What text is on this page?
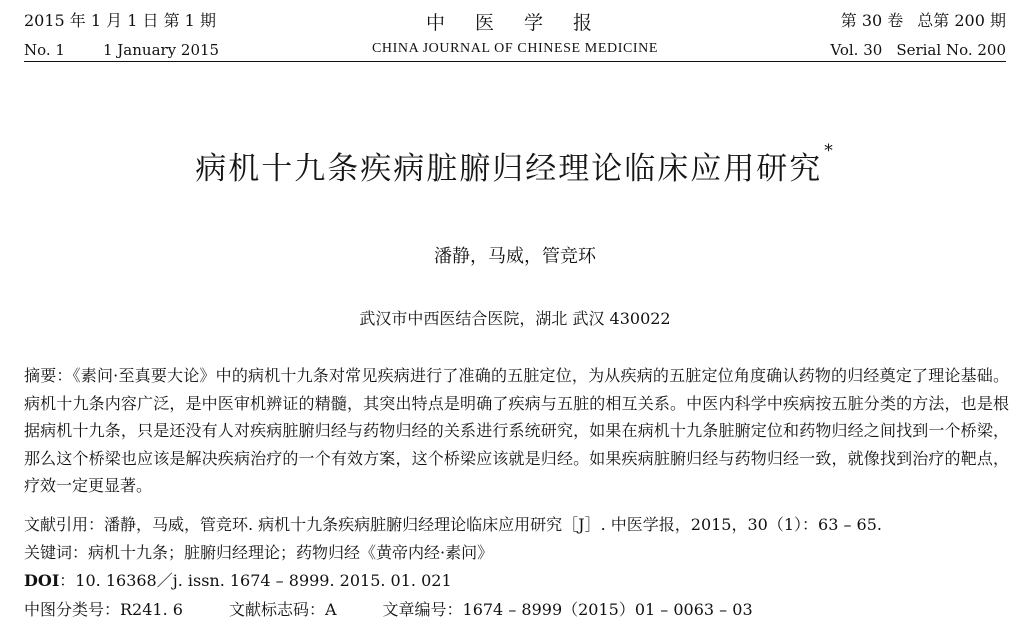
2015 年 1 月 1 日 第 1 期	中 医 学 报	第 30 卷 总第 200 期
No. 1	1 January 2015	CHINA JOURNAL OF CHINESE MEDICINE	Vol. 30 Serial No. 200
病机十九条疾病脏腑归经理论临床应用研究 *
潘静，马威，管竞环
武汉市中西医结合医院，湖北 武汉 430022
摘要：《素问·至真要大论》中的病机十九条对常见疾病进行了准确的五脏定位，为从疾病的五脏定位角度确认药物的归经奠定了理论基础。病机十九条内容广泛，是中医审机辨证的精髓，其突出特点是明确了疾病与五脏的相互关系。中医内科学中疾病按五脏分类的方法，也是根据病机十九条，只是还没有人对疾病脏腑归经与药物归经的关系进行系统研究，如果在病机十九条脏腑定位和药物归经之间找到一个桥梁，那么这个桥梁也应该是解决疾病治疗的一个有效方案，这个桥梁应该就是归经。如果疾病脏腑归经与药物归经一致，就像找到治疗的靶点，疗效一定更显著。
文献引用：潘静，马威，管竞环. 病机十九条疾病脏腑归经理论临床应用研究［J］. 中医学报，2015，30（1）：63 – 65.
关键词：病机十九条；脏腑归经理论；药物归经《黄帝内经·素问》
DOI：10. 16368／j. issn. 1674 – 8999. 2015. 01. 021
中图分类号：R241. 6	文献标志码：A	文章编号：1674 – 8999（2015）01 – 0063 – 03
